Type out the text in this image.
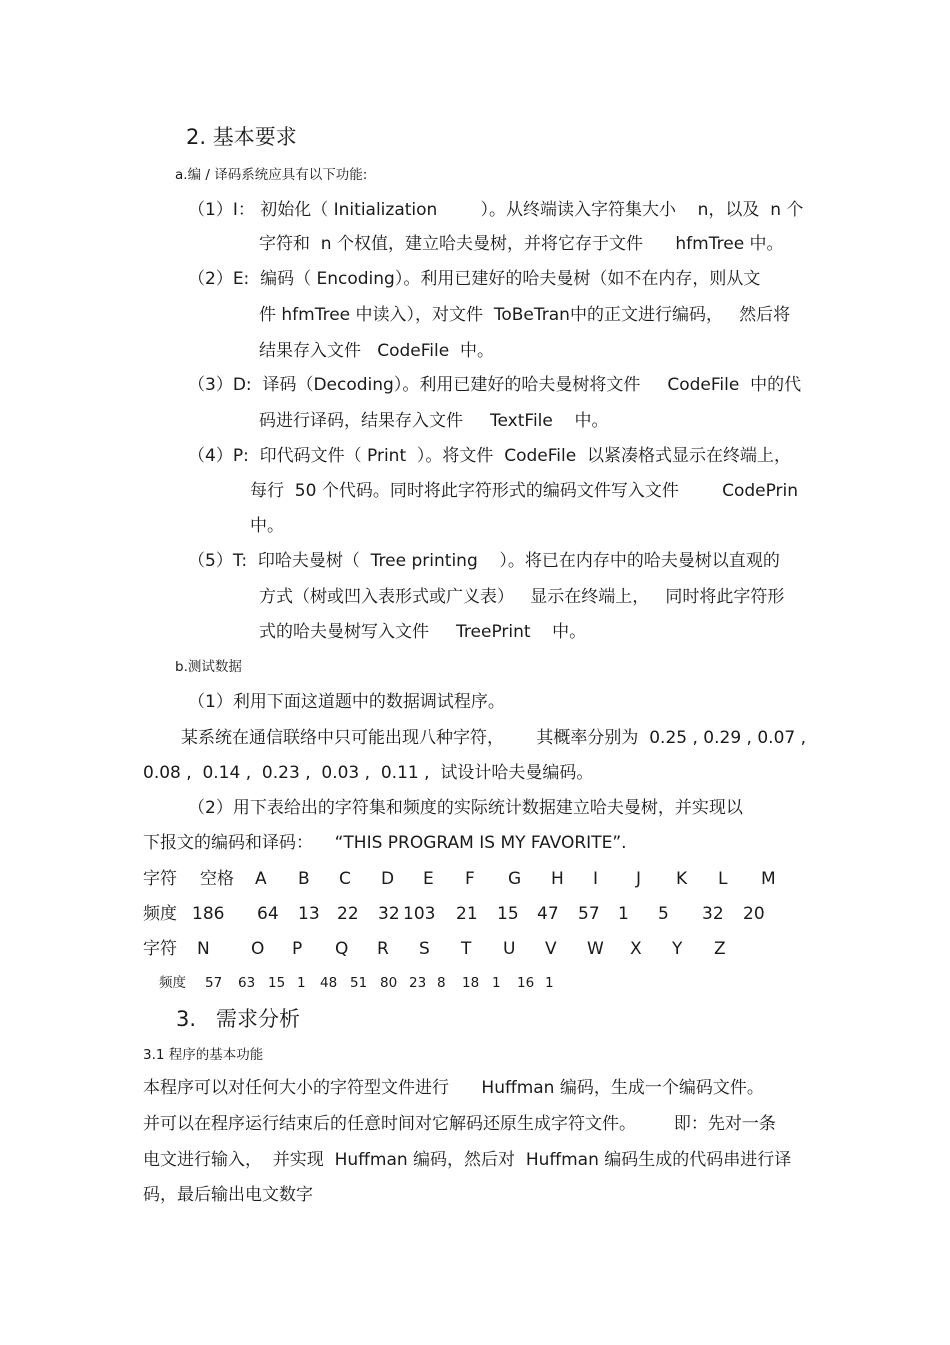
2. 基本要求
a.编 / 译码系统应具有以下功能:
（1）I： 初始化（ Initialization        ）。从终端读入字符集大小    n，以及  n 个
字符和  n 个权值，建立哈夫曼树，并将它存于文件      hfmTree 中。
（2）E:  编码（ Encoding）。利用已建好的哈夫曼树（如不在内存，则从文
件 hfmTree 中读入），对文件  ToBeTran中的正文进行编码，   然后将
结果存入文件   CodeFile  中。
（3）D:  译码（Decoding）。利用已建好的哈夫曼树将文件     CodeFile  中的代
码进行译码，结果存入文件     TextFile    中。
（4）P:  印代码文件（ Print  ）。将文件  CodeFile  以紧凑格式显示在终端上，
每行  50 个代码。同时将此字符形式的编码文件写入文件        CodePrin
中。
（5）T:  印哈夫曼树（  Tree printing    ）。将已在内存中的哈夫曼树以直观的
方式（树或凹入表形式或广义表）   显示在终端上，   同时将此字符形
式的哈夫曼树写入文件     TreePrint    中。
b.测试数据
（1）利用下面这道题中的数据调试程序。
某系统在通信联络中只可能出现八种字符，      其概率分别为  0.25 , 0.29 , 0.07 ,
0.08 ,  0.14 ,  0.23 ,  0.03 ,  0.11 ,  试设计哈夫曼编码。
（2）用下表给出的字符集和频度的实际统计数据建立哈夫曼树，并实现以
下报文的编码和译码：    “THIS PROGRAM IS MY FAVORITE”.
字符 空格 A B C D E F G H I J K L M
频度 186 64 13 22 32 103 21 15 47 57 1 5 32 20
字符 N O P Q R S T U V W X Y Z
频度 57 63 15 1 48 51 80 23 8 18 1 16 1
3.   需求分析
3.1 程序的基本功能
本程序可以对任何大小的字符型文件进行      Huffman 编码，生成一个编码文件。
并可以在程序运行结束后的任意时间对它解码还原生成字符文件。       即：先对一条
电文进行输入，  并实现  Huffman 编码，然后对  Huffman 编码生成的代码串进行译
码，最后输出电文数字
